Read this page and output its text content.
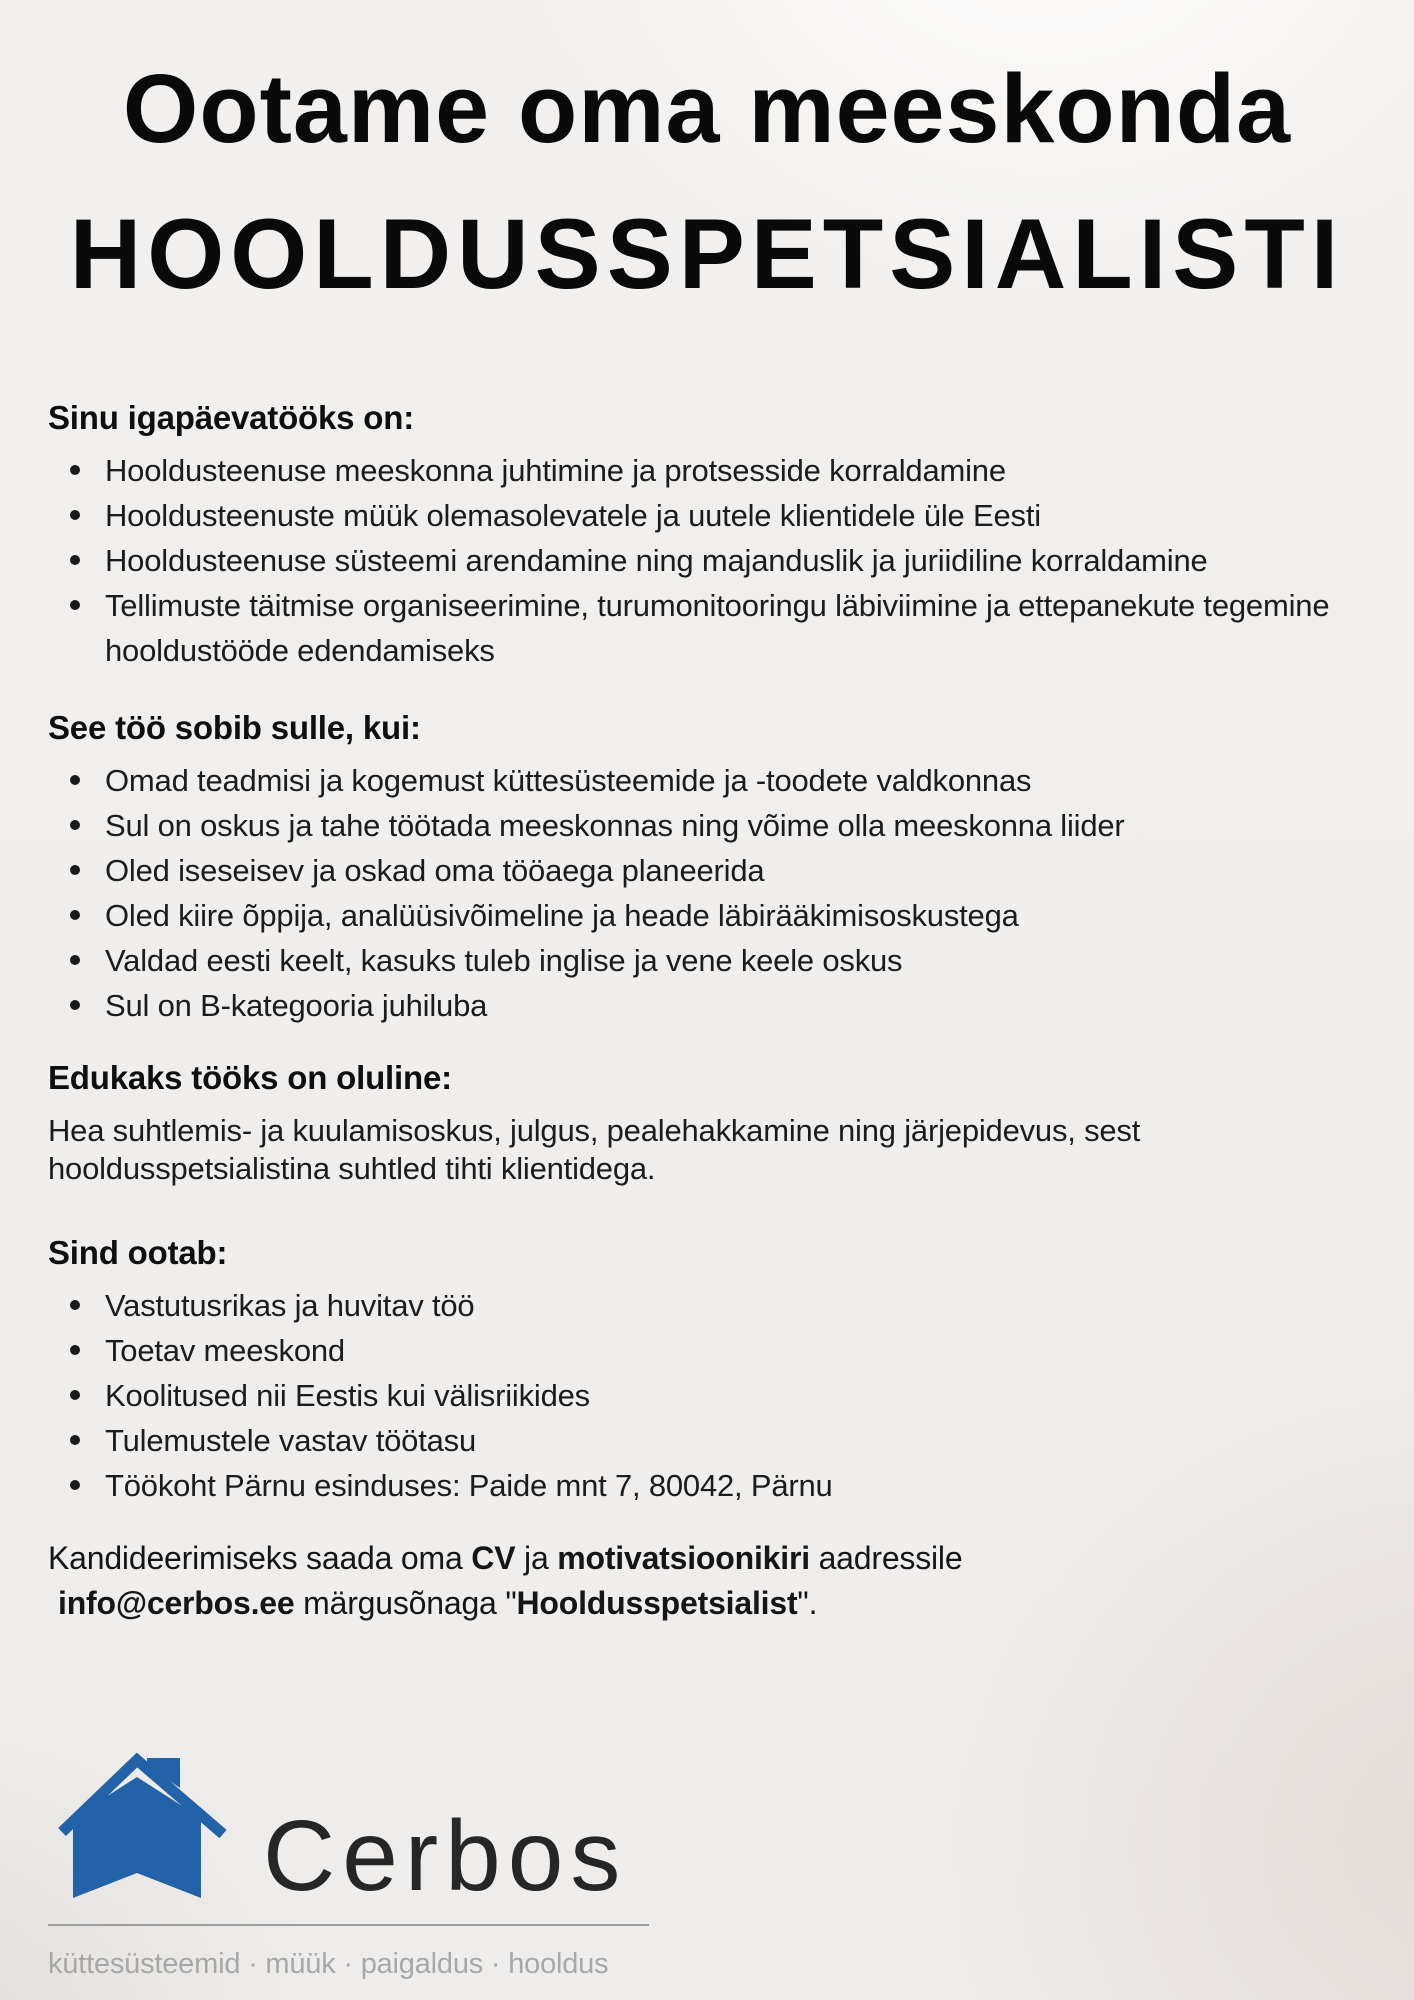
Ootame oma meeskonda
HOOLDUSSPETSIALISTI
Sinu igapäevatööks on:
Hooldusteenuse meeskonna juhtimine ja protsesside korraldamine
Hooldusteenuste müük olemasolevatele ja uutele klientidele üle Eesti
Hooldusteenuse süsteemi arendamine ning majanduslik ja juriidiline korraldamine
Tellimuste täitmise organiseerimine, turumonitooringu läbiviimine ja ettepanekute tegemine hooldustööde edendamiseks
See töö sobib sulle, kui:
Omad teadmisi ja kogemust küttesüsteemide ja -toodete valdkonnas
Sul on oskus ja tahe töötada meeskonnas ning võime olla meeskonna liider
Oled iseseisev ja oskad oma tööaega planeerida
Oled kiire õppija, analüüsivõimeline ja heade läbirääkimisoskustega
Valdad eesti keelt, kasuks tuleb inglise ja vene keele oskus
Sul on B-kategooria juhiluba
Edukaks tööks on oluline:

Hea suhtlemis- ja kuulamisoskus, julgus, pealehakkamine ning järjepidevus, sest hooldusspetsialistina suhtled tihti klientidega.

Sind ootab:
Vastutusrikas ja huvitav töö
Toetav meeskond
Koolitused nii Eestis kui välisriikides
Tulemustele vastav töötasu
Töökoht Pärnu esinduses: Paide mnt 7, 80042, Pärnu
Kandideerimiseks saada oma CV ja motivatsioonikiri aadressile
info@cerbos.ee märgusõnaga "Hooldusspetsialist".
Cerbos
küttesüsteemid · müük · paigaldus · hooldus
